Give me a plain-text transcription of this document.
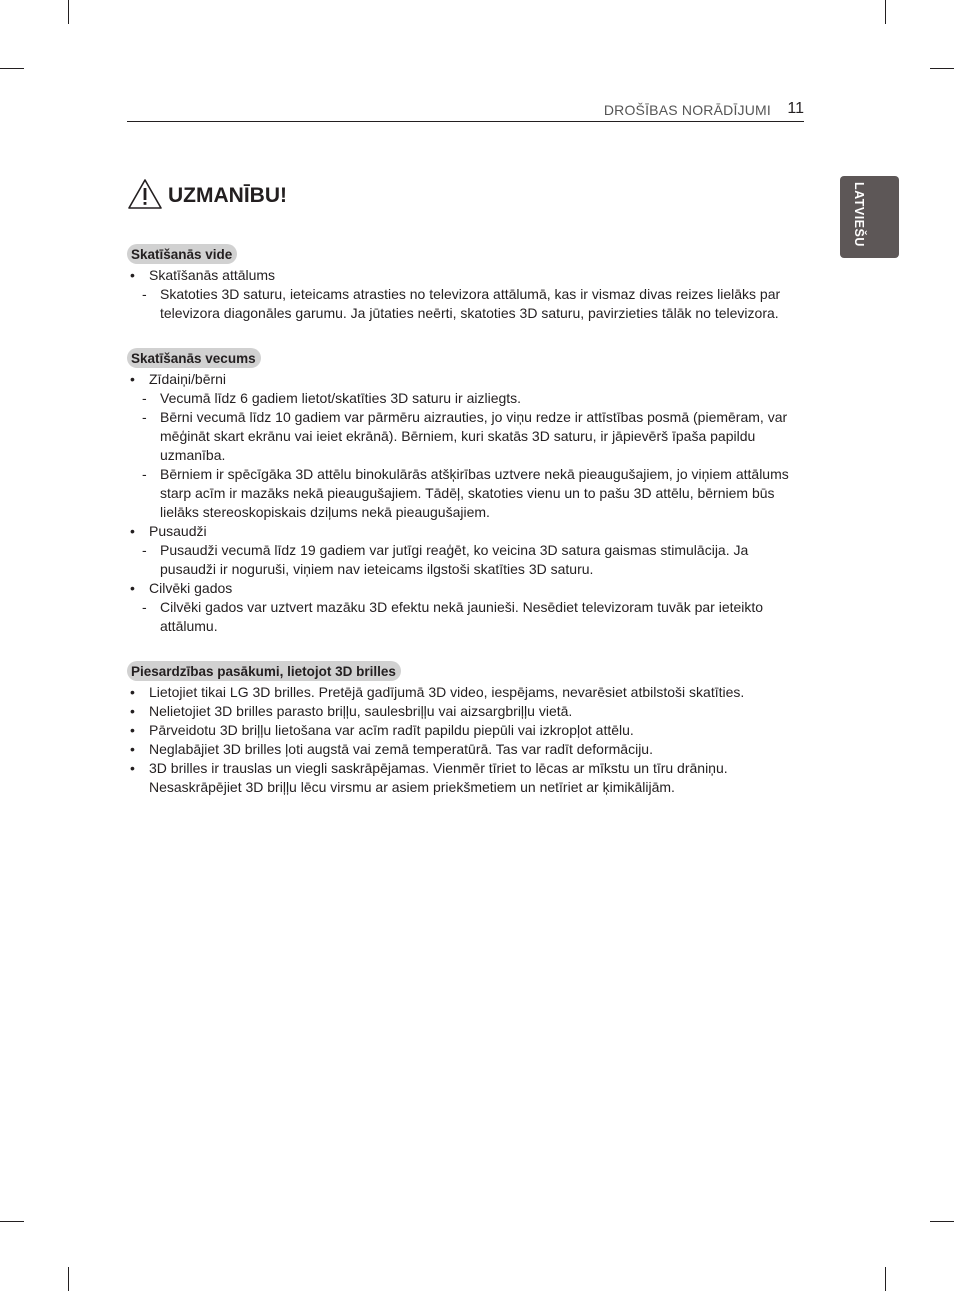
DROŠĪBAS NORĀDĪJUMI 11
LATVIEŠU
UZMANĪBU!
Skatīšanās vide
• Skatīšanās attālums
- Skatoties 3D saturu, ieteicams atrasties no televizora attālumā, kas ir vismaz divas reizes lielāks par televizora diagonāles garumu. Ja jūtaties neērti, skatoties 3D saturu, pavirzieties tālāk no televizora.
Skatīšanās vecums
• Zīdaiņi/bērni
- Vecumā līdz 6 gadiem lietot/skatīties 3D saturu ir aizliegts.
- Bērni vecumā līdz 10 gadiem var pārmēru aizrauties, jo viņu redze ir attīstības posmā (piemēram, var mēģināt skart ekrānu vai ieiet ekrānā). Bērniem, kuri skatās 3D saturu, ir jāpievērš īpaša papildu uzmanība.
- Bērniem ir spēcīgāka 3D attēlu binokulārās atšķirības uztvere nekā pieaugušajiem, jo viņiem attālums starp acīm ir mazāks nekā pieaugušajiem. Tādēļ, skatoties vienu un to pašu 3D attēlu, bērniem būs lielāks stereoskopiskais dziļums nekā pieaugušajiem.
• Pusaudži
- Pusaudži vecumā līdz 19 gadiem var jutīgi reaģēt, ko veicina 3D satura gaismas stimulācija. Ja pusaudži ir noguruši, viņiem nav ieteicams ilgstoši skatīties 3D saturu.
• Cilvēki gados
- Cilvēki gados var uztvert mazāku 3D efektu nekā jaunieši. Nesēdiet televizoram tuvāk par ieteikto attālumu.
Piesardzības pasākumi, lietojot 3D brilles
• Lietojiet tikai LG 3D brilles. Pretējā gadījumā 3D video, iespējams, nevarēsiet atbilstoši skatīties.
• Nelietojiet 3D brilles parasto briļļu, saulesbriļļu vai aizsargbriļļu vietā.
• Pārveidotu 3D briļļu lietošana var acīm radīt papildu piepūli vai izkropļot attēlu.
• Neglabājiet 3D brilles ļoti augstā vai zemā temperatūrā. Tas var radīt deformāciju.
• 3D brilles ir trauslas un viegli saskrāpējamas. Vienmēr tīriet to lēcas ar mīkstu un tīru drāniņu. Nesaskrāpējiet 3D briļļu lēcu virsmu ar asiem priekšmetiem un netīriet ar ķimikālijām.
